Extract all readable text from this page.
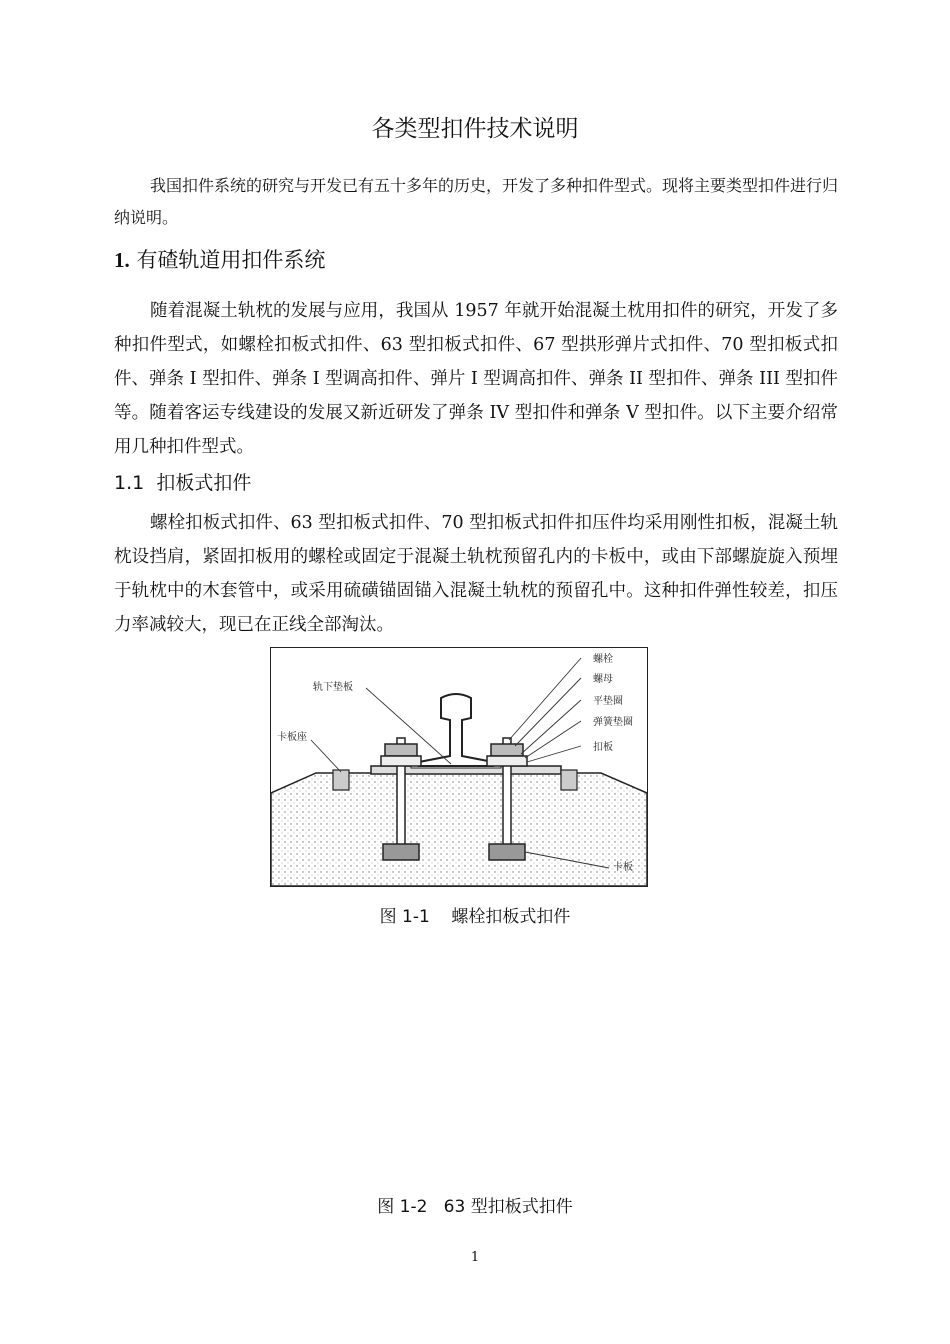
各类型扣件技术说明

我国扣件系统的研究与开发已有五十多年的历史，开发了多种扣件型式。现将主要类型扣件进行归纳说明。

1. 有碴轨道用扣件系统

随着混凝土轨枕的发展与应用，我国从 1957 年就开始混凝土枕用扣件的研究，开发了多种扣件型式，如螺栓扣板式扣件、63 型扣板式扣件、67 型拱形弹片式扣件、70 型扣板式扣件、弹条 I 型扣件、弹条 I 型调高扣件、弹片 I 型调高扣件、弹条 II 型扣件、弹条 III 型扣件等。随着客运专线建设的发展又新近研发了弹条 IV 型扣件和弹条 V 型扣件。以下主要介绍常用几种扣件型式。

1.1 扣板式扣件

螺栓扣板式扣件、63 型扣板式扣件、70 型扣板式扣件扣压件均采用刚性扣板，混凝土轨枕设挡肩，紧固扣板用的螺栓或固定于混凝土轨枕预留孔内的卡板中，或由下部螺旋旋入预埋于轨枕中的木套管中，或采用硫磺锚固锚入混凝土轨枕的预留孔中。这种扣件弹性较差，扣压力率减较大，现已在正线全部淘汰。

螺栓
螺母
平垫圈
弹簧垫圈
扣板
轨下垫板
卡板座
卡板
图 1-1 螺栓扣板式扣件
图 1-2 63 型扣板式扣件
1
